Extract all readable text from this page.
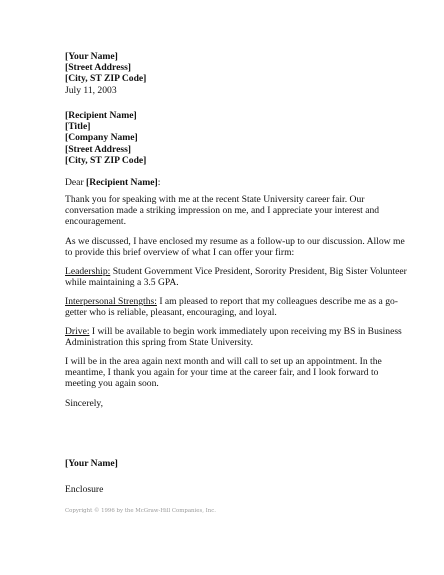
[Your Name]
[Street Address]
[City, ST ZIP Code]
July 11, 2003
[Recipient Name]
[Title]
[Company Name]
[Street Address]
[City, ST ZIP Code]
Dear [Recipient Name]:
Thank you for speaking with me at the recent State University career fair. Our
conversation made a striking impression on me, and I appreciate your interest and
encouragement.
As we discussed, I have enclosed my resume as a follow-up to our discussion. Allow me
to provide this brief overview of what I can offer your firm:
Leadership: Student Government Vice President, Sorority President, Big Sister Volunteer
while maintaining a 3.5 GPA.
Interpersonal Strengths: I am pleased to report that my colleagues describe me as a go-
getter who is reliable, pleasant, encouraging, and loyal.
Drive: I will be available to begin work immediately upon receiving my BS in Business
Administration this spring from State University.
I will be in the area again next month and will call to set up an appointment. In the
meantime, I thank you again for your time at the career fair, and I look forward to
meeting you again soon.
Sincerely,
[Your Name]
Enclosure
Copyright © 1996 by the McGraw-Hill Companies, Inc.
